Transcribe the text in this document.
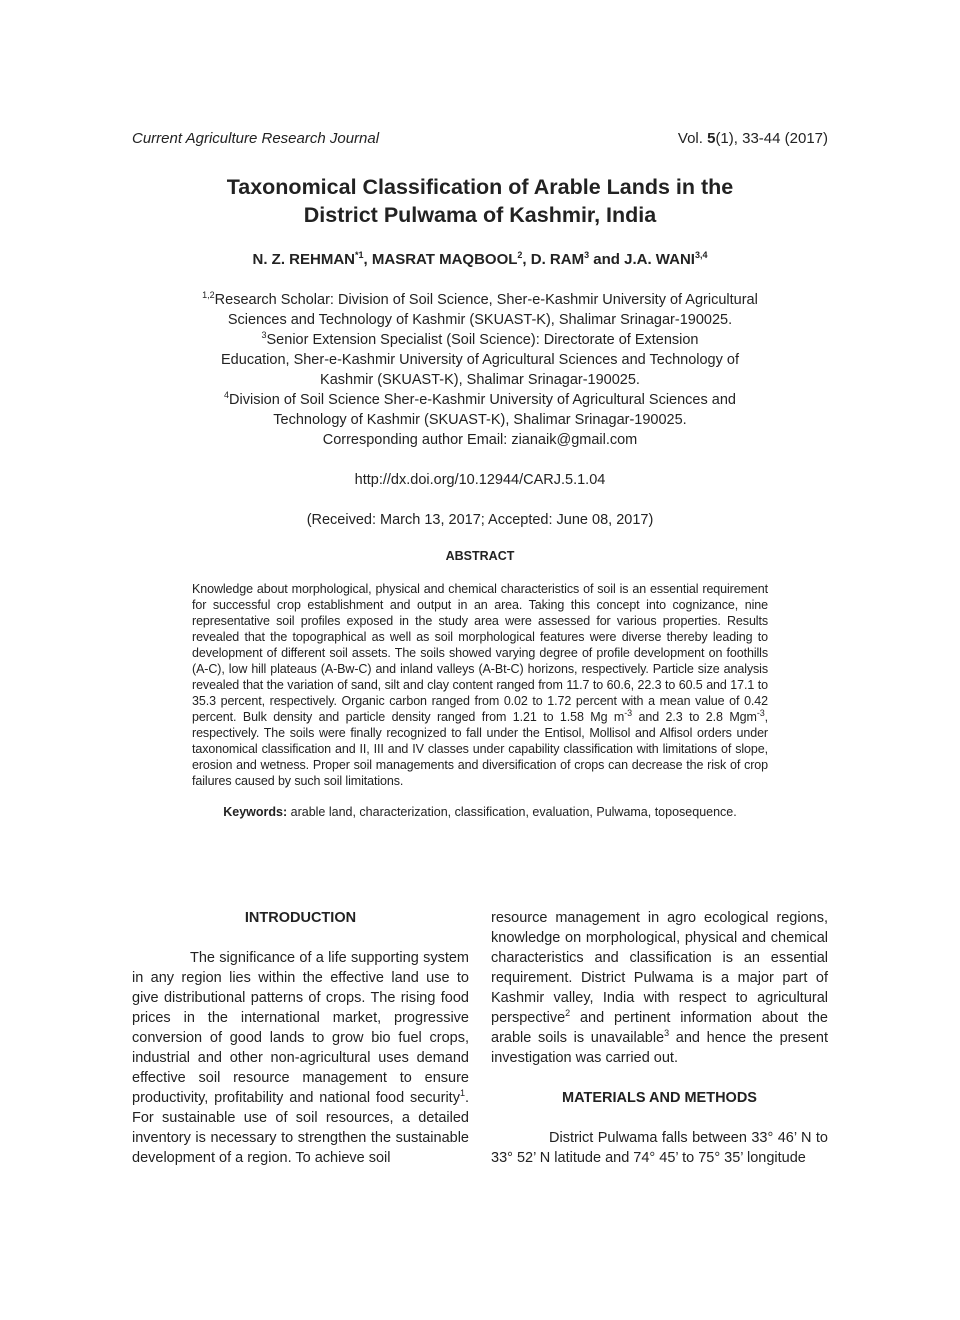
Current Agriculture Research Journal	Vol. 5(1), 33-44 (2017)
Taxonomical Classification of Arable Lands in the
District Pulwama of Kashmir, India
N. Z. REHMAN$^{*1}$, MASRAT MAQBOOL$^2$, D. RAM$^3$ and J.A. WANI$^{3,4}$
$^{1,2}$Research Scholar: Division of Soil Science, Sher-e-Kashmir University of Agricultural
Sciences and Technology of Kashmir (SKUAST-K), Shalimar Srinagar-190025.
$^3$Senior Extension Specialist (Soil Science): Directorate of Extension
Education, Sher-e-Kashmir University of Agricultural Sciences and Technology of
Kashmir (SKUAST-K), Shalimar Srinagar-190025.
$^4$Division of Soil Science Sher-e-Kashmir University of Agricultural Sciences and
Technology of Kashmir (SKUAST-K), Shalimar Srinagar-190025.
Corresponding author Email: zianaik@gmail.com
http://dx.doi.org/10.12944/CARJ.5.1.04
(Received: March 13, 2017; Accepted: June 08, 2017)
ABSTRACT
Knowledge about morphological, physical and chemical characteristics of soil is an essential requirement for successful crop establishment and output in an area. Taking this concept into cognizance, nine representative soil profiles exposed in the study area were assessed for various properties. Results revealed that the topographical as well as soil morphological features were diverse thereby leading to development of different soil assets. The soils showed varying degree of profile development on foothills (A-C), low hill plateaus (A-Bw-C) and inland valleys (A-Bt-C) horizons, respectively. Particle size analysis revealed that the variation of sand, silt and clay content ranged from 11.7 to 60.6, 22.3 to 60.5 and 17.1 to 35.3 percent, respectively. Organic carbon ranged from 0.02 to 1.72 percent with a mean value of 0.42 percent. Bulk density and particle density ranged from 1.21 to 1.58 Mg $m^{-3}$ and 2.3 to 2.8 Mgm$^{-3}$, respectively. The soils were finally recognized to fall under the Entisol, Mollisol and Alfisol orders under taxonomical classification and II, III and IV classes under capability classification with limitations of slope, erosion and wetness. Proper soil managements and diversification of crops can decrease the risk of crop failures caused by such soil limitations.
Keywords: arable land, characterization, classification, evaluation, Pulwama, toposequence.
INTRODUCTION

The significance of a life supporting system in any region lies within the effective land use to give distributional patterns of crops. The rising food prices in the international market, progressive conversion of good lands to grow bio fuel crops, industrial and other non-agricultural uses demand effective soil resource management to ensure productivity, profitability and national food security$^1$. For sustainable use of soil resources, a detailed inventory is necessary to strengthen the sustainable development of a region. To achieve soil

resource management in agro ecological regions, knowledge on morphological, physical and chemical characteristics and classification is an essential requirement. District Pulwama is a major part of Kashmir valley, India with respect to agricultural perspective$^2$ and pertinent information about the arable soils is unavailable$^3$ and hence the present investigation was carried out.

MATERIALS AND METHODS

District Pulwama falls between 33° 46’ N to 33° 52’ N latitude and 74° 45’ to 75° 35’ longitude
